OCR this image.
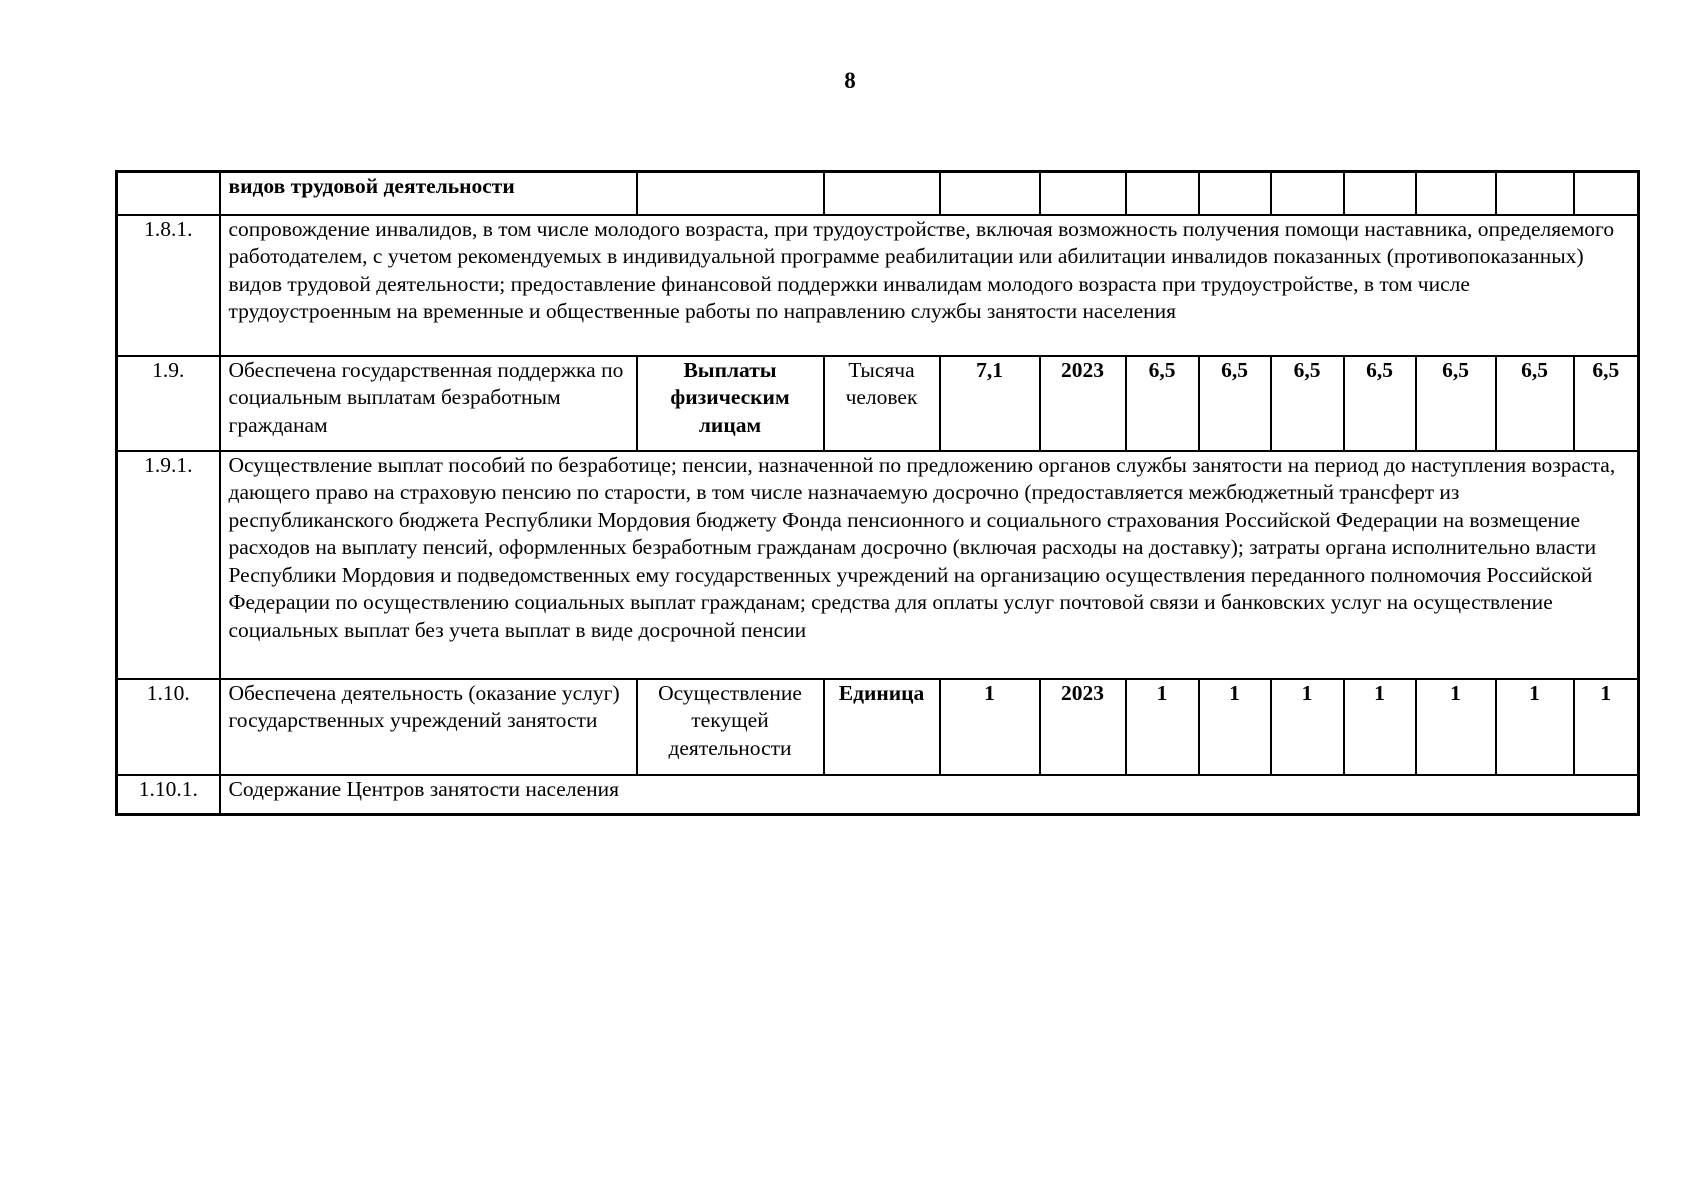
8
	видов трудовой деятельности											
1.8.1.	сопровождение инвалидов, в том числе молодого возраста, при трудоустройстве, включая возможность получения помощи наставника, определяемого работодателем, с учетом рекомендуемых в индивидуальной программе реабилитации или абилитации инвалидов показанных (противопоказанных) видов трудовой деятельности; предоставление финансовой поддержки инвалидам молодого возраста при трудоустройстве, в том числе трудоустроенным на временные и общественные работы по направлению службы занятости населения											
1.9.	Обеспечена государственная поддержка по социальным выплатам безработным гражданам	Выплаты физическим лицам	Тысяча человек	7,1	2023	6,5	6,5	6,5	6,5	6,5	6,5	6,5
1.9.1.	Осуществление выплат пособий по безработице; пенсии, назначенной по предложению органов службы занятости на период до наступления возраста, дающего право на страховую пенсию по старости, в том числе назначаемую досрочно (предоставляется межбюджетный трансферт из республиканского бюджета Республики Мордовия бюджету Фонда пенсионного и социального страхования Российской Федерации на возмещение расходов на выплату пенсий, оформленных безработным гражданам досрочно (включая расходы на доставку); затраты органа исполнительно власти Республики Мордовия и подведомственных ему государственных учреждений на организацию осуществления переданного полномочия Российской Федерации по осуществлению социальных выплат гражданам; средства для оплаты услуг почтовой связи и банковских услуг на осуществление социальных выплат без учета выплат в виде досрочной пенсии											
1.10.	Обеспечена деятельность (оказание услуг) государственных учреждений занятости	Осуществление текущей деятельности	Единица	1	2023	1	1	1	1	1	1	1
1.10.1.	Содержание Центров занятости населения											
